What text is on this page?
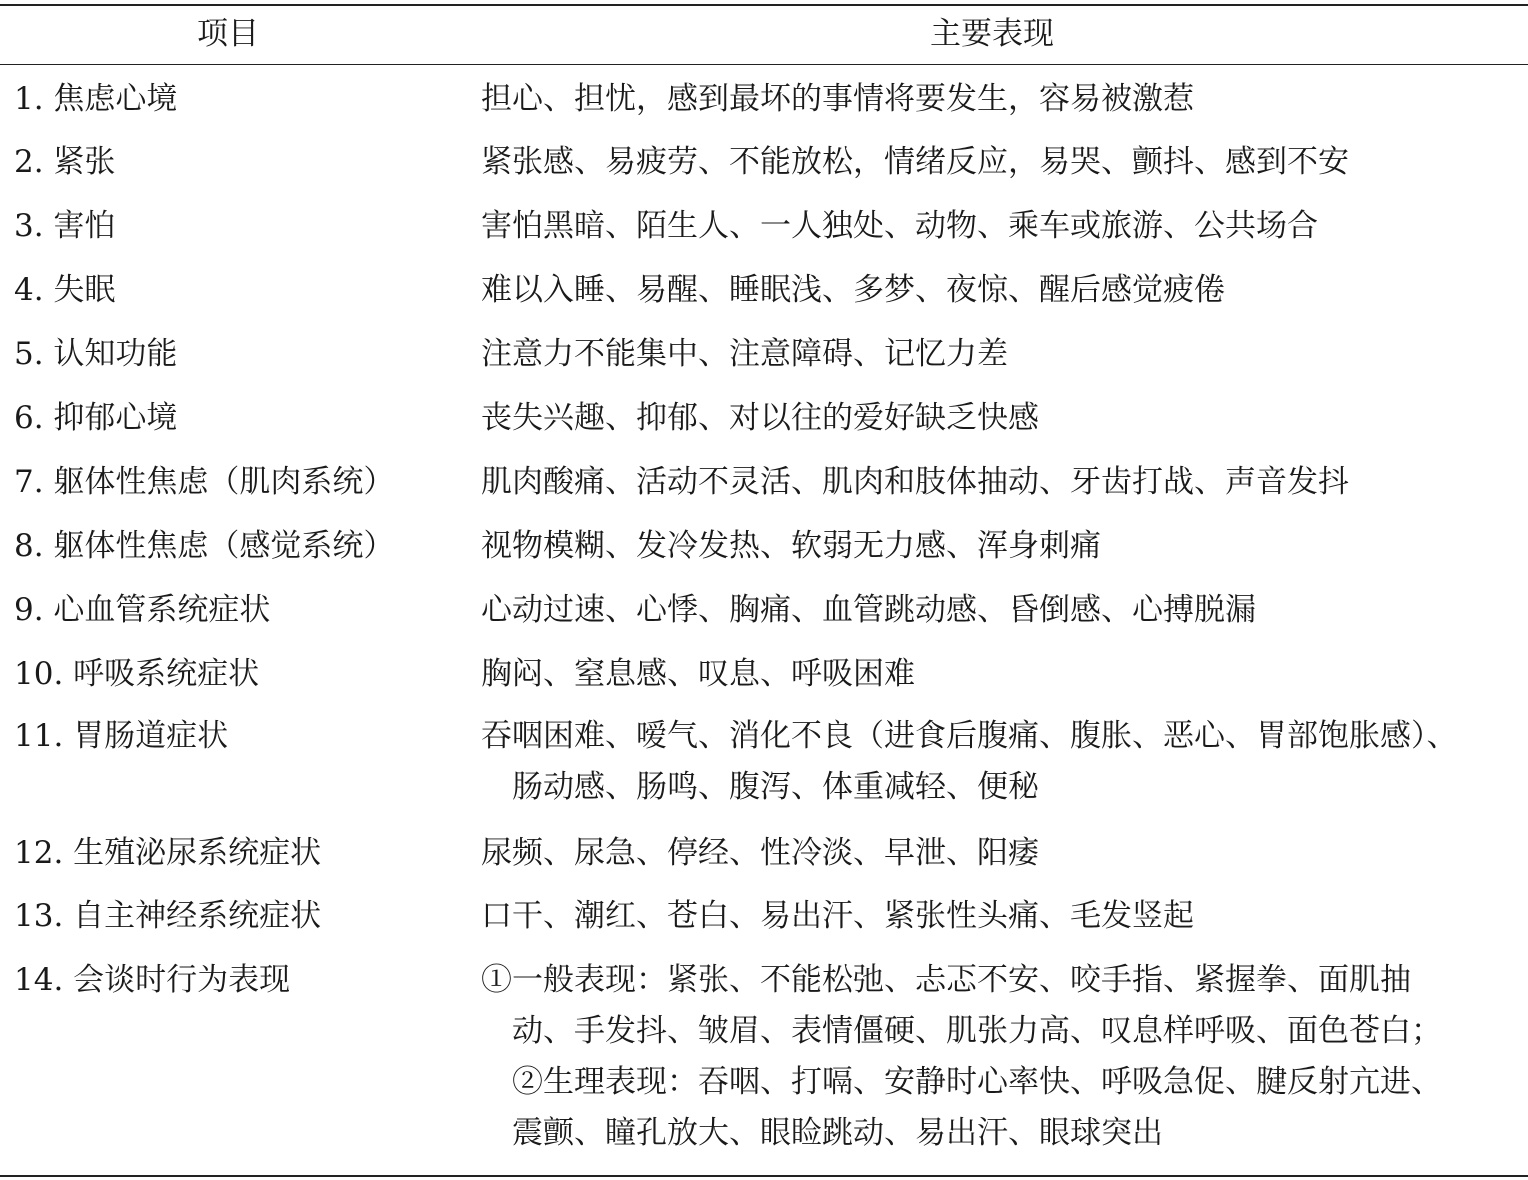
项目	主要表现
1. 焦虑心境	担心、担忧，感到最坏的事情将要发生，容易被激惹
2. 紧张	紧张感、易疲劳、不能放松，情绪反应，易哭、颤抖、感到不安
3. 害怕	害怕黑暗、陌生人、一人独处、动物、乘车或旅游、公共场合
4. 失眠	难以入睡、易醒、睡眠浅、多梦、夜惊、醒后感觉疲倦
5. 认知功能	注意力不能集中、注意障碍、记忆力差
6. 抑郁心境	丧失兴趣、抑郁、对以往的爱好缺乏快感
7. 躯体性焦虑（肌肉系统）	肌肉酸痛、活动不灵活、肌肉和肢体抽动、牙齿打战、声音发抖
8. 躯体性焦虑（感觉系统）	视物模糊、发冷发热、软弱无力感、浑身刺痛
9. 心血管系统症状	心动过速、心悸、胸痛、血管跳动感、昏倒感、心搏脱漏
10. 呼吸系统症状	胸闷、窒息感、叹息、呼吸困难
11. 胃肠道症状	吞咽困难、嗳气、消化不良（进食后腹痛、腹胀、恶心、胃部饱胀感）、
肠动感、肠鸣、腹泻、体重减轻、便秘
12. 生殖泌尿系统症状	尿频、尿急、停经、性冷淡、早泄、阳痿
13. 自主神经系统症状	口干、潮红、苍白、易出汗、紧张性头痛、毛发竖起
14. 会谈时行为表现	①一般表现：紧张、不能松弛、忐忑不安、咬手指、紧握拳、面肌抽
动、手发抖、皱眉、表情僵硬、肌张力高、叹息样呼吸、面色苍白；
②生理表现：吞咽、打嗝、安静时心率快、呼吸急促、腱反射亢进、
震颤、瞳孔放大、眼睑跳动、易出汗、眼球突出
